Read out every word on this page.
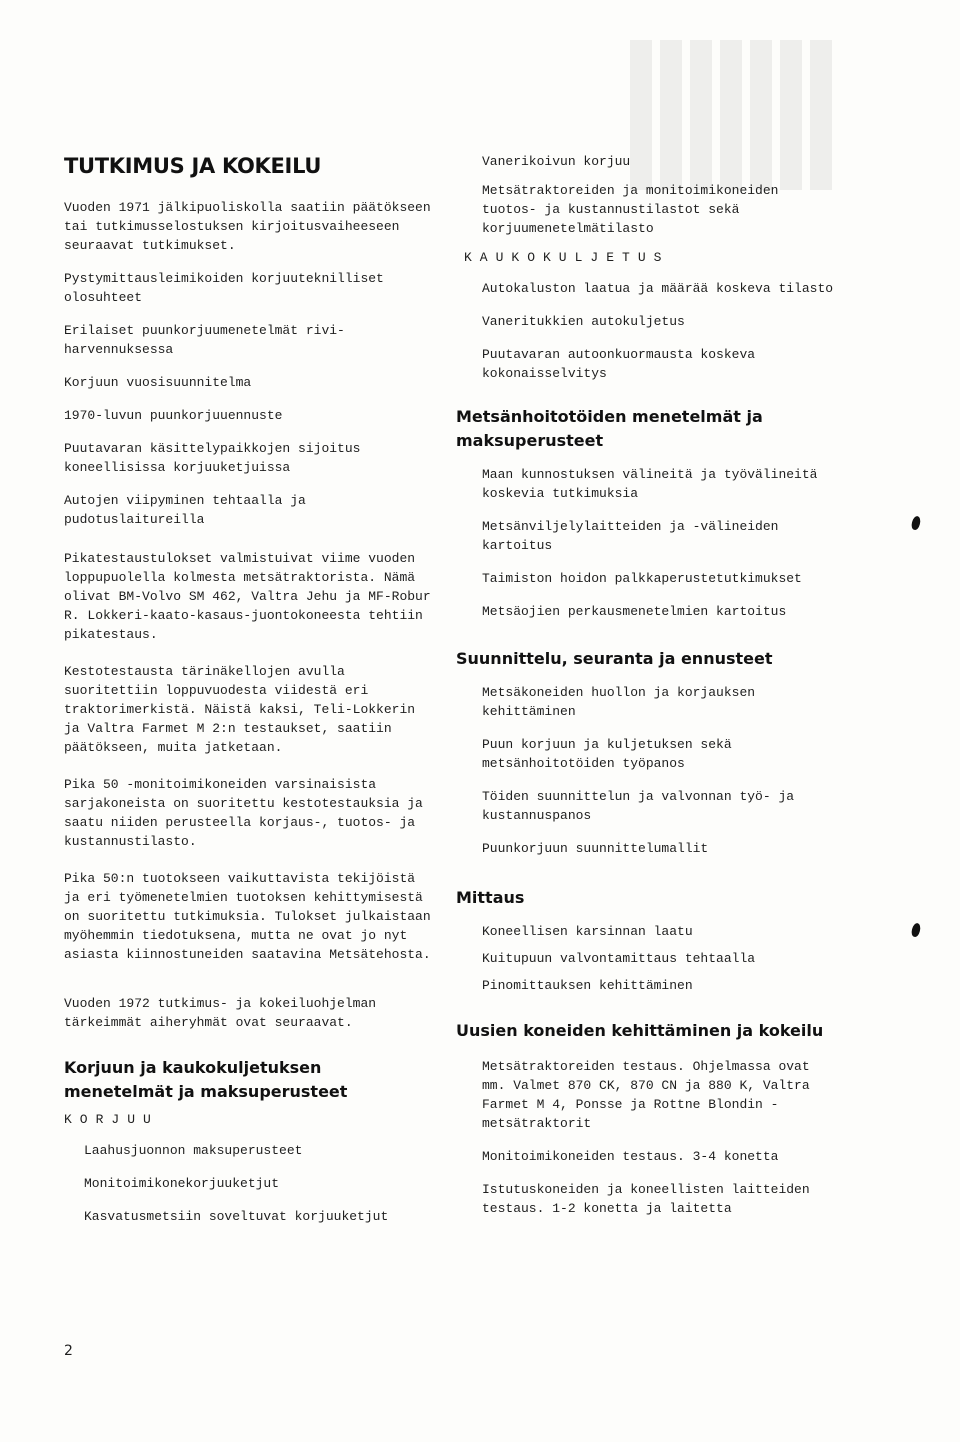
TUTKIMUS JA KOKEILU

Vuoden 1971 jälkipuoliskolla saatiin päätökseen tai tutkimusselostuksen kirjoitusvaiheeseen seuraavat tutkimukset.

Pystymittausleimikoiden korjuuteknilliset olosuhteet

Erilaiset puunkorjuumenetelmät rivi-harvennuksessa

Korjuun vuosisuunnitelma

1970-luvun puunkorjuuennuste

Puutavaran käsittelypaikkojen sijoitus koneellisissa korjuuketjuissa

Autojen viipyminen tehtaalla ja pudotuslaitureilla

Pikatestaustulokset valmistuivat viime vuoden loppupuolella kolmesta metsätraktorista. Nämä olivat BM-Volvo SM 462, Valtra Jehu ja MF-Robur R. Lokkeri-kaato-kasaus-juontokoneesta tehtiin pikatestaus.

Kestotestausta tärinäkellojen avulla suoritettiin loppuvuodesta viidestä eri traktorimerkistä. Näistä kaksi, Teli-Lokkerin ja Valtra Farmet M 2:n testaukset, saatiin päätökseen, muita jatketaan.

Pika 50 -monitoimikoneiden varsinaisista sarjakoneista on suoritettu kestotestauksia ja saatu niiden perusteella korjaus-, tuotos- ja kustannustilasto.

Pika 50:n tuotokseen vaikuttavista tekijöistä ja eri työmenetelmien tuotoksen kehittymisestä on suoritettu tutkimuksia. Tulokset julkaistaan myöhemmin tiedotuksena, mutta ne ovat jo nyt asiasta kiinnostuneiden saatavina Metsätehosta.

Vuoden 1972 tutkimus- ja kokeiluohjelman tärkeimmät aiheryhmät ovat seuraavat.

Korjuun ja kaukokuljetuksen menetelmät ja maksuperusteet
KORJUU

Laahusjuonnon maksuperusteet

Monitoimikonekorjuuketjut

Kasvatusmetsiin soveltuvat korjuuketjut

2

Vanerikoivun korjuu

Metsätraktoreiden ja monitoimikoneiden tuotos- ja kustannustilastot sekä korjuumenetelmätilasto

KAUKOKULJETUS

Autokaluston laatua ja määrää koskeva tilasto

Vaneritukkien autokuljetus

Puutavaran autoonkuormausta koskeva kokonaisselvitys

Metsänhoitotöiden menetelmät ja maksuperusteet

Maan kunnostuksen välineitä ja työvälineitä koskevia tutkimuksia

Metsänviljelylaitteiden ja -välineiden kartoitus

Taimiston hoidon palkkaperustetutkimukset

Metsäojien perkausmenetelmien kartoitus

Suunnittelu, seuranta ja ennusteet

Metsäkoneiden huollon ja korjauksen kehittäminen

Puun korjuun ja kuljetuksen sekä metsänhoitotöiden työpanos

Töiden suunnittelun ja valvonnan työ- ja kustannuspanos

Puunkorjuun suunnittelumallit

Mittaus

Koneellisen karsinnan laatu

Kuitupuun valvontamittaus tehtaalla

Pinomittauksen kehittäminen

Uusien koneiden kehittäminen ja kokeilu

Metsätraktoreiden testaus. Ohjelmassa ovat mm. Valmet 870 CK, 870 CN ja 880 K, Valtra Farmet M 4, Ponsse ja Rottne Blondin -metsätraktorit

Monitoimikoneiden testaus. 3-4 konetta

Istutuskoneiden ja koneellisten laitteiden testaus. 1-2 konetta ja laitetta
